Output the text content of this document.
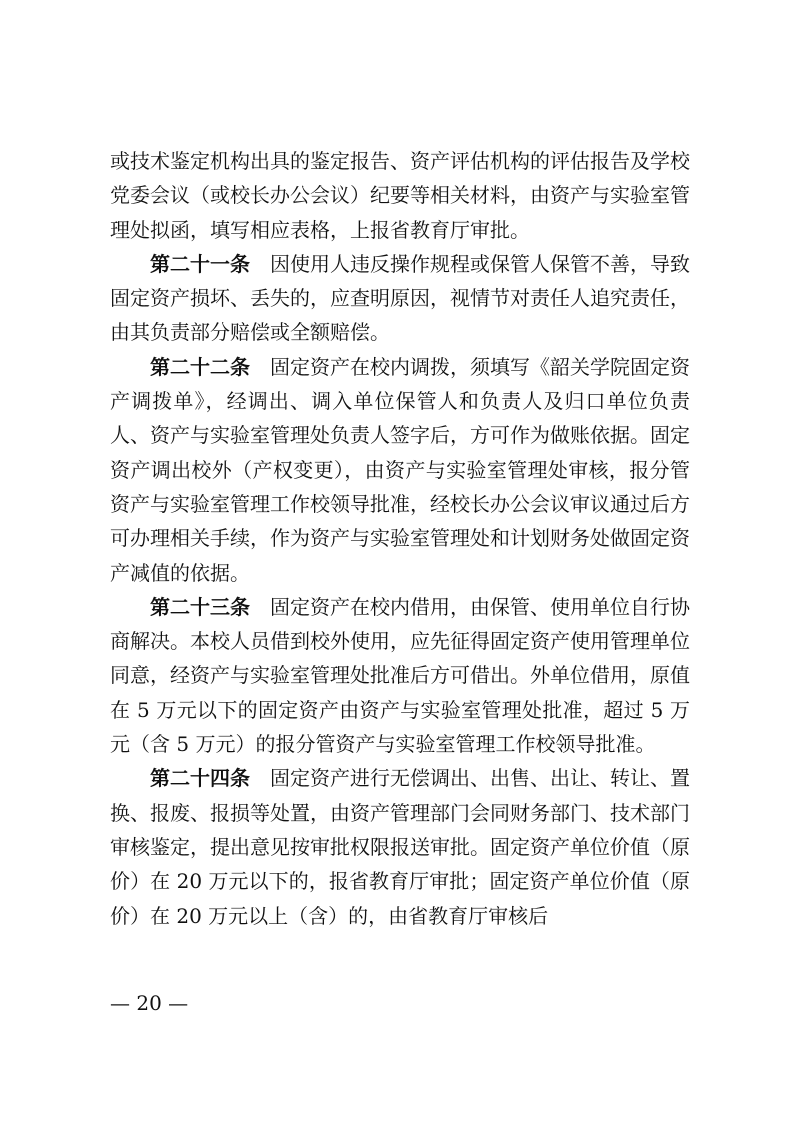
或技术鉴定机构出具的鉴定报告、资产评估机构的评估报告及学校党委会议（或校长办公会议）纪要等相关材料，由资产与实验室管理处拟函，填写相应表格，上报省教育厅审批。

第二十一条 因使用人违反操作规程或保管人保管不善，导致固定资产损坏、丢失的，应查明原因，视情节对责任人追究责任，由其负责部分赔偿或全额赔偿。

第二十二条 固定资产在校内调拨，须填写《韶关学院固定资产调拨单》，经调出、调入单位保管人和负责人及归口单位负责人、资产与实验室管理处负责人签字后，方可作为做账依据。固定资产调出校外（产权变更），由资产与实验室管理处审核，报分管资产与实验室管理工作校领导批准，经校长办公会议审议通过后方可办理相关手续，作为资产与实验室管理处和计划财务处做固定资产减值的依据。

第二十三条 固定资产在校内借用，由保管、使用单位自行协商解决。本校人员借到校外使用，应先征得固定资产使用管理单位同意，经资产与实验室管理处批准后方可借出。外单位借用，原值在 5 万元以下的固定资产由资产与实验室管理处批准，超过 5 万元（含 5 万元）的报分管资产与实验室管理工作校领导批准。

第二十四条 固定资产进行无偿调出、出售、出让、转让、置换、报废、报损等处置，由资产管理部门会同财务部门、技术部门审核鉴定，提出意见按审批权限报送审批。固定资产单位价值（原价）在 20 万元以下的，报省教育厅审批；固定资产单位价值（原价）在 20 万元以上（含）的，由省教育厅审核后

— 20 —
